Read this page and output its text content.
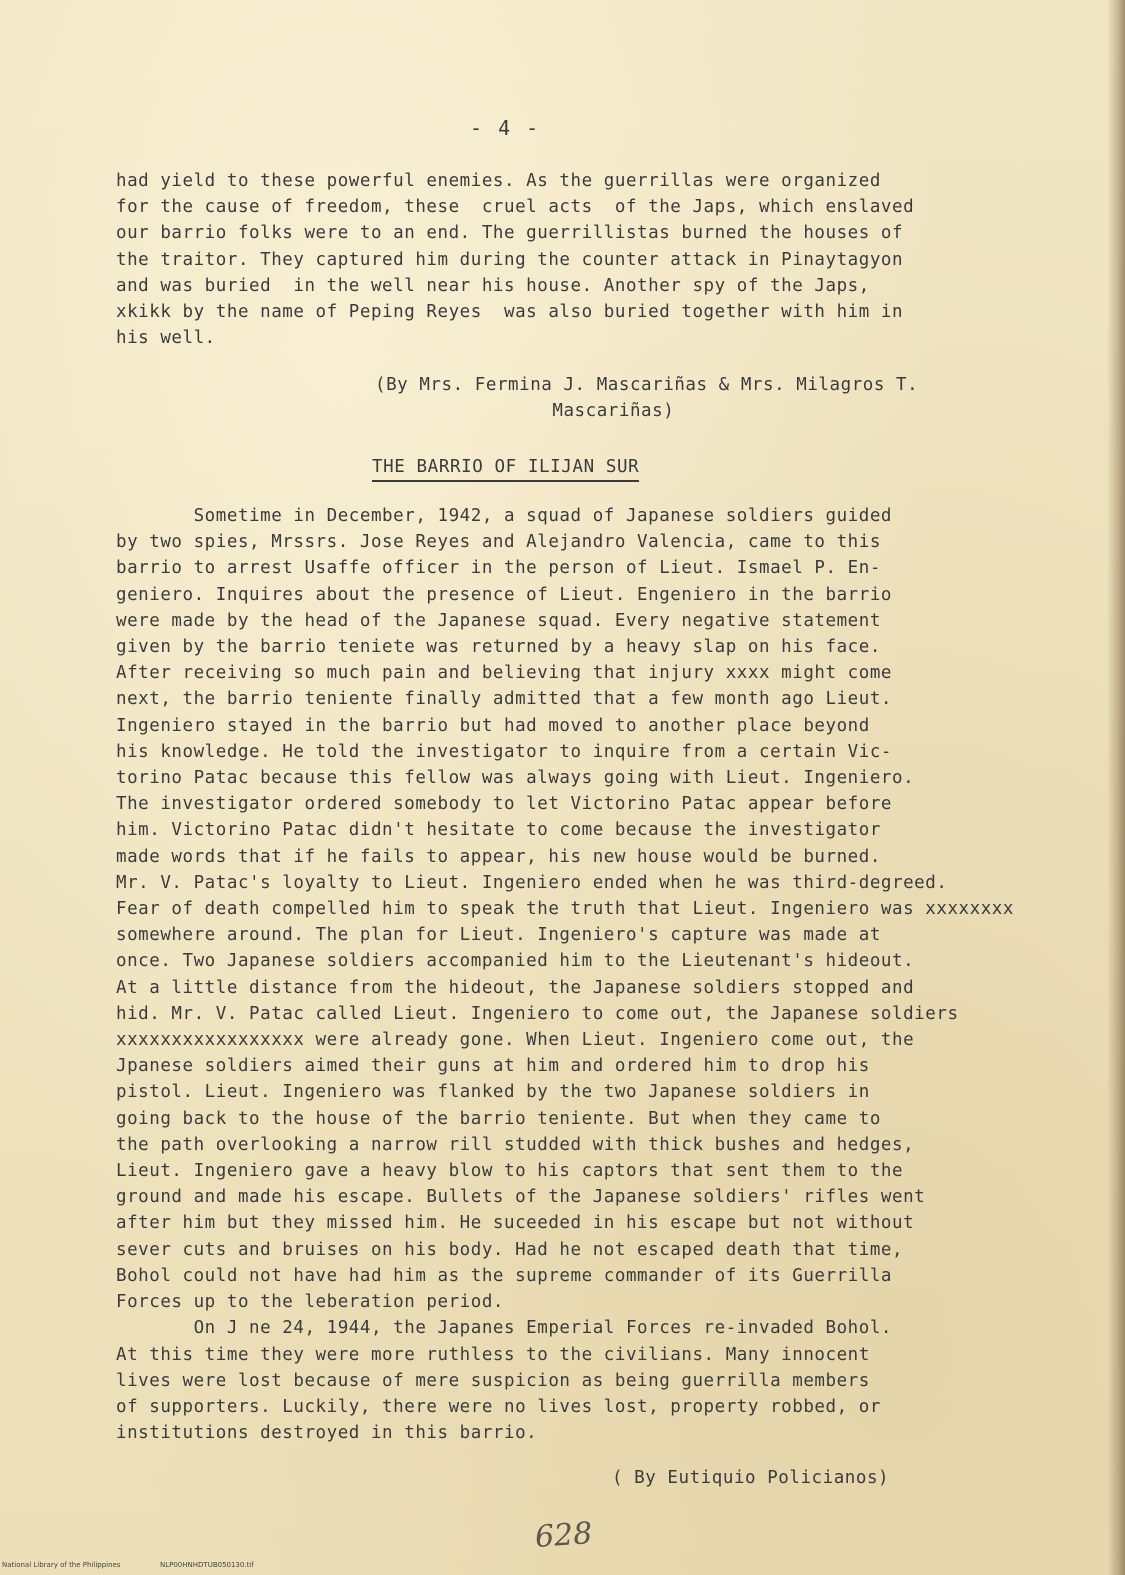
- 4 -
had yield to these powerful enemies. As the guerrillas were organized
for the cause of freedom, these  cruel acts  of the Japs, which enslaved
our barrio folks were to an end. The guerrillistas burned the houses of
the traitor. They captured him during the counter attack in Pinaytagyon
and was buried  in the well near his house. Another spy of the Japs,
xkikk by the name of Peping Reyes  was also buried together with him in
his well.
(By Mrs. Fermina J. Mascariñas & Mrs. Milagros T.
Mascariñas)
THE BARRIO OF ILIJAN SUR
Sometime in December, 1942, a squad of Japanese soldiers guided
by two spies, Mrssrs. Jose Reyes and Alejandro Valencia, came to this
barrio to arrest Usaffe officer in the person of Lieut. Ismael P. En-
geniero. Inquires about the presence of Lieut. Engeniero in the barrio
were made by the head of the Japanese squad. Every negative statement
given by the barrio teniete was returned by a heavy slap on his face.
After receiving so much pain and believing that injury xxxx might come
next, the barrio teniente finally admitted that a few month ago Lieut.
Ingeniero stayed in the barrio but had moved to another place beyond
his knowledge. He told the investigator to inquire from a certain Vic-
torino Patac because this fellow was always going with Lieut. Ingeniero.
The investigator ordered somebody to let Victorino Patac appear before
him. Victorino Patac didn't hesitate to come because the investigator
made words that if he fails to appear, his new house would be burned.
Mr. V. Patac's loyalty to Lieut. Ingeniero ended when he was third-degreed.
Fear of death compelled him to speak the truth that Lieut. Ingeniero was xxxxxxxx
somewhere around. The plan for Lieut. Ingeniero's capture was made at
once. Two Japanese soldiers accompanied him to the Lieutenant's hideout.
At a little distance from the hideout, the Japanese soldiers stopped and
hid. Mr. V. Patac called Lieut. Ingeniero to come out, the Japanese soldiers
xxxxxxxxxxxxxxxxx were already gone. When Lieut. Ingeniero come out, the
Jpanese soldiers aimed their guns at him and ordered him to drop his
pistol. Lieut. Ingeniero was flanked by the two Japanese soldiers in
going back to the house of the barrio teniente. But when they came to
the path overlooking a narrow rill studded with thick bushes and hedges,
Lieut. Ingeniero gave a heavy blow to his captors that sent them to the
ground and made his escape. Bullets of the Japanese soldiers' rifles went
after him but they missed him. He suceeded in his escape but not without
sever cuts and bruises on his body. Had he not escaped death that time,
Bohol could not have had him as the supreme commander of its Guerrilla
Forces up to the leberation period.
On J ne 24, 1944, the Japanes Emperial Forces re-invaded Bohol.
At this time they were more ruthless to the civilians. Many innocent
lives were lost because of mere suspicion as being guerrilla members
of supporters. Luckily, there were no lives lost, property robbed, or
institutions destroyed in this barrio.
( By Eutiquio Policianos)
628
National Library of the Philippines	NLP00HNHDTUB050130.tif
